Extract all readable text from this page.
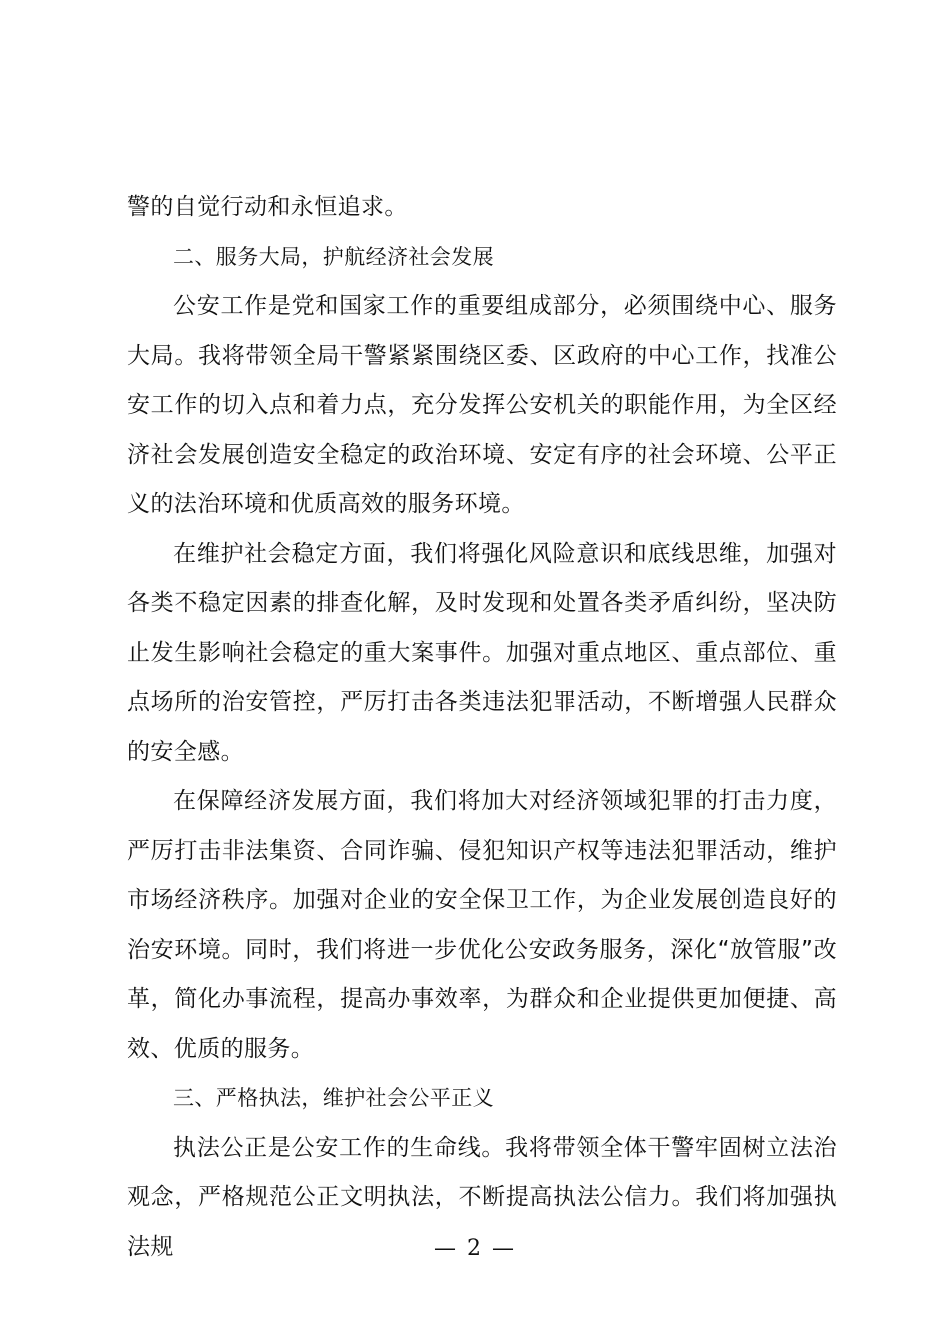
警的自觉行动和永恒追求。

二、服务大局，护航经济社会发展

公安工作是党和国家工作的重要组成部分，必须围绕中心、服务大局。我将带领全局干警紧紧围绕区委、区政府的中心工作，找准公安工作的切入点和着力点，充分发挥公安机关的职能作用，为全区经济社会发展创造安全稳定的政治环境、安定有序的社会环境、公平正义的法治环境和优质高效的服务环境。

在维护社会稳定方面，我们将强化风险意识和底线思维，加强对各类不稳定因素的排查化解，及时发现和处置各类矛盾纠纷，坚决防止发生影响社会稳定的重大案事件。加强对重点地区、重点部位、重点场所的治安管控，严厉打击各类违法犯罪活动，不断增强人民群众的安全感。

在保障经济发展方面，我们将加大对经济领域犯罪的打击力度，严厉打击非法集资、合同诈骗、侵犯知识产权等违法犯罪活动，维护市场经济秩序。加强对企业的安全保卫工作，为企业发展创造良好的治安环境。同时，我们将进一步优化公安政务服务，深化“放管服”改革，简化办事流程，提高办事效率，为群众和企业提供更加便捷、高效、优质的服务。

三、严格执法，维护社会公平正义

执法公正是公安工作的生命线。我将带领全体干警牢固树立法治观念，严格规范公正文明执法，不断提高执法公信力。我们将加强执法规	— 2 —
